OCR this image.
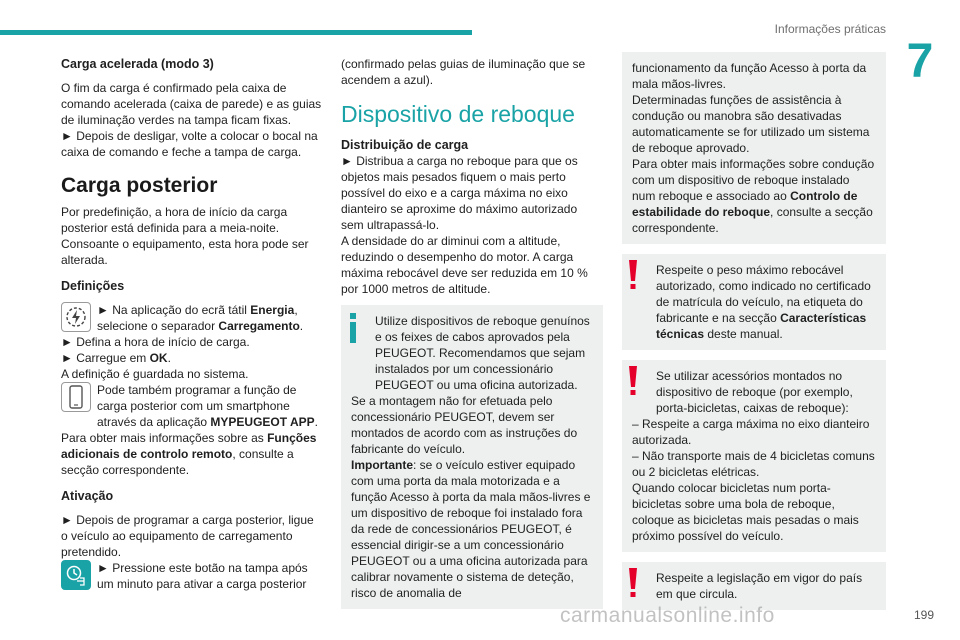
Informações práticas
7

Carga acelerada (modo 3)

O fim da carga é confirmado pela caixa de comando acelerada (caixa de parede) e as guias de iluminação verdes na tampa ficam fixas.

► Depois de desligar, volte a colocar o bocal na caixa de comando e feche a tampa de carga.

Carga posterior

Por predefinição, a hora de início da carga posterior está definida para a meia-noite.

Consoante o equipamento, esta hora pode ser alterada.

Definições

► Na aplicação do ecrã tátil Energia, selecione o separador Carregamento.

► Defina a hora de início de carga.

► Carregue em OK.

A definição é guardada no sistema.

Pode também programar a função de carga posterior com um smartphone através da aplicação MYPEUGEOT APP.

Para obter mais informações sobre as Funções adicionais de controlo remoto, consulte a secção correspondente.

Ativação

► Depois de programar a carga posterior, ligue o veículo ao equipamento de carregamento pretendido.

► Pressione este botão na tampa após um minuto para ativar a carga posterior

(confirmado pelas guias de iluminação que se acendem a azul).

Dispositivo de reboque

Distribuição de carga

► Distribua a carga no reboque para que os objetos mais pesados fiquem o mais perto possível do eixo e a carga máxima no eixo dianteiro se aproxime do máximo autorizado sem ultrapassá-lo.

A densidade do ar diminui com a altitude, reduzindo o desempenho do motor. A carga máxima rebocável deve ser reduzida em 10 % por 1000 metros de altitude.

Utilize dispositivos de reboque genuínos e os feixes de cabos aprovados pela PEUGEOT. Recomendamos que sejam instalados por um concessionário PEUGEOT ou uma oficina autorizada.

Se a montagem não for efetuada pelo concessionário PEUGEOT, devem ser montados de acordo com as instruções do fabricante do veículo.

Importante: se o veículo estiver equipado com uma porta da mala motorizada e a função Acesso à porta da mala mãos-livres e um dispositivo de reboque foi instalado fora da rede de concessionários PEUGEOT, é essencial dirigir-se a um concessionário PEUGEOT ou a uma oficina autorizada para calibrar novamente o sistema de deteção, risco de anomalia de

funcionamento da função Acesso à porta da mala mãos-livres.

Determinadas funções de assistência à condução ou manobra são desativadas automaticamente se for utilizado um sistema de reboque aprovado.

Para obter mais informações sobre condução com um dispositivo de reboque instalado num reboque e associado ao Controlo de estabilidade do reboque, consulte a secção correspondente.

Respeite o peso máximo rebocável autorizado, como indicado no certificado de matrícula do veículo, na etiqueta do fabricante e na secção Características técnicas deste manual.

Se utilizar acessórios montados no dispositivo de reboque (por exemplo, porta-bicicletas, caixas de reboque):

– Respeite a carga máxima no eixo dianteiro autorizada.

– Não transporte mais de 4 bicicletas comuns ou 2 bicicletas elétricas.

Quando colocar bicicletas num porta-bicicletas sobre uma bola de reboque, coloque as bicicletas mais pesadas o mais próximo possível do veículo.

Respeite a legislação em vigor do país em que circula.

carmanualsonline.info	199
